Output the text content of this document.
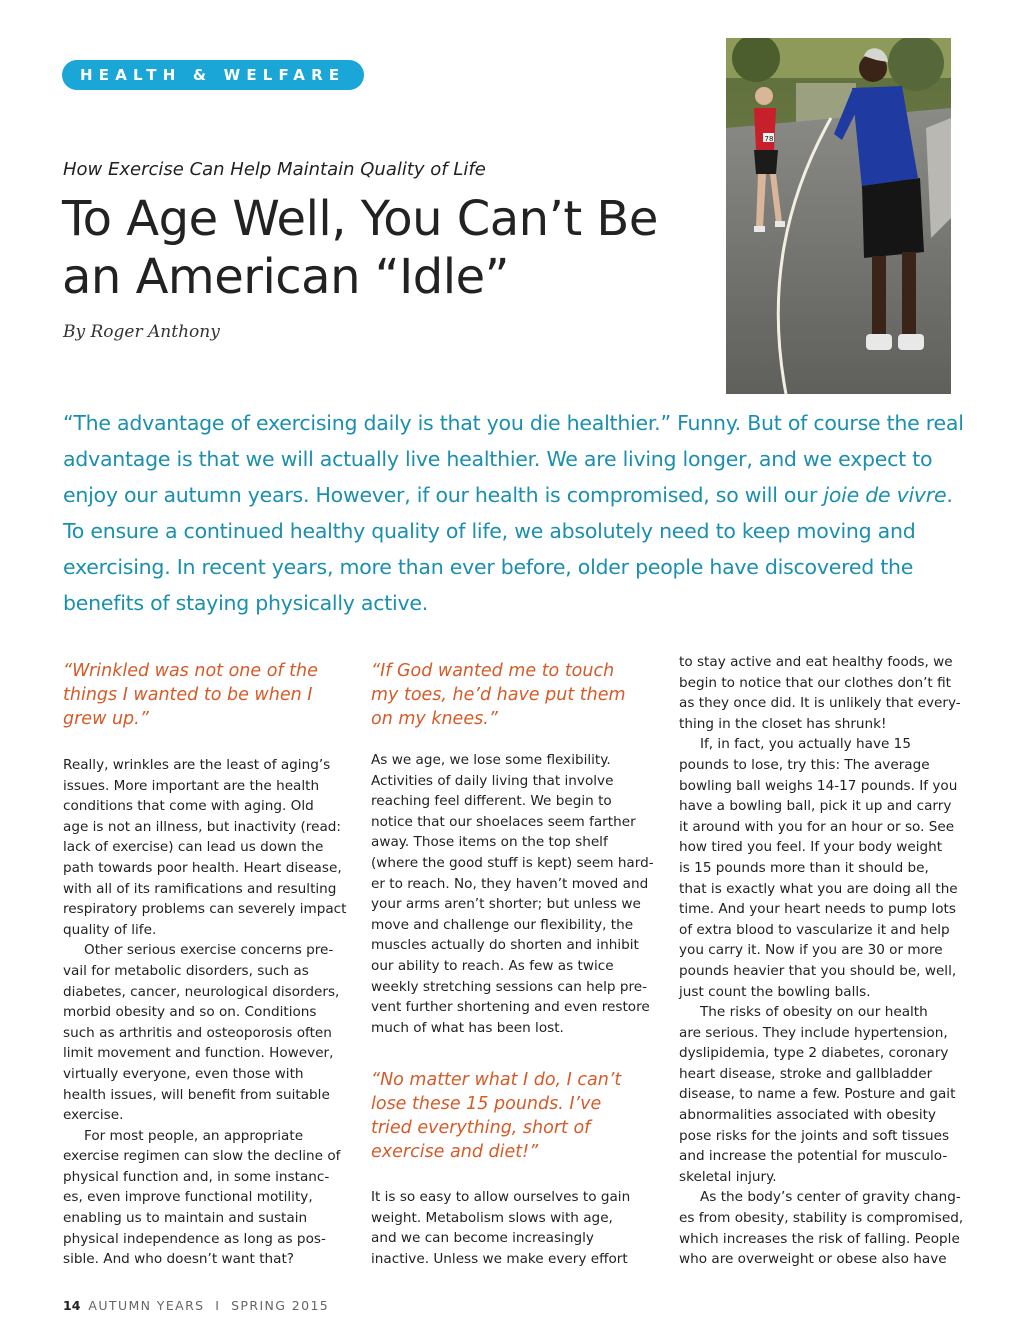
HEALTH & WELFARE
How Exercise Can Help Maintain Quality of Life
To Age Well, You Can’t Be
an American “Idle”
By Roger Anthony
78
“The advantage of exercising daily is that you die healthier.” Funny. But of course the real
advantage is that we will actually live healthier. We are living longer, and we expect to
enjoy our autumn years. However, if our health is compromised, so will our joie de vivre.
To ensure a continued healthy quality of life, we absolutely need to keep moving and
exercising. In recent years, more than ever before, older people have discovered the
benefits of staying physically active.
“Wrinkled was not one of the
things I wanted to be when I
grew up.”
Really, wrinkles are the least of aging’s
issues. More important are the health
conditions that come with aging. Old
age is not an illness, but inactivity (read:
lack of exercise) can lead us down the
path towards poor health. Heart disease,
with all of its ramifications and resulting
respiratory problems can severely impact
quality of life.
Other serious exercise concerns pre-
vail for metabolic disorders, such as
diabetes, cancer, neurological disorders,
morbid obesity and so on. Conditions
such as arthritis and osteoporosis often
limit movement and function. However,
virtually everyone, even those with
health issues, will benefit from suitable
exercise.
For most people, an appropriate
exercise regimen can slow the decline of
physical function and, in some instanc-
es, even improve functional motility,
enabling us to maintain and sustain
physical independence as long as pos-
sible. And who doesn’t want that?
“If God wanted me to touch
my toes, he’d have put them
on my knees.”
As we age, we lose some flexibility.
Activities of daily living that involve
reaching feel different. We begin to
notice that our shoelaces seem farther
away. Those items on the top shelf
(where the good stuff is kept) seem hard-
er to reach. No, they haven’t moved and
your arms aren’t shorter; but unless we
move and challenge our flexibility, the
muscles actually do shorten and inhibit
our ability to reach. As few as twice
weekly stretching sessions can help pre-
vent further shortening and even restore
much of what has been lost.
“No matter what I do, I can’t
lose these 15 pounds. I’ve
tried everything, short of
exercise and diet!”
It is so easy to allow ourselves to gain
weight. Metabolism slows with age,
and we can become increasingly
inactive. Unless we make every effort
to stay active and eat healthy foods, we
begin to notice that our clothes don’t fit
as they once did. It is unlikely that every-
thing in the closet has shrunk!
If, in fact, you actually have 15
pounds to lose, try this: The average
bowling ball weighs 14-17 pounds. If you
have a bowling ball, pick it up and carry
it around with you for an hour or so. See
how tired you feel. If your body weight
is 15 pounds more than it should be,
that is exactly what you are doing all the
time. And your heart needs to pump lots
of extra blood to vascularize it and help
you carry it. Now if you are 30 or more
pounds heavier that you should be, well,
just count the bowling balls.
The risks of obesity on our health
are serious. They include hypertension,
dyslipidemia, type 2 diabetes, coronary
heart disease, stroke and gallbladder
disease, to name a few. Posture and gait
abnormalities associated with obesity
pose risks for the joints and soft tissues
and increase the potential for musculo-
skeletal injury.
As the body’s center of gravity chang-
es from obesity, stability is compromised,
which increases the risk of falling. People
who are overweight or obese also have
14 AUTUMN YEARS  I  SPRING 2015
